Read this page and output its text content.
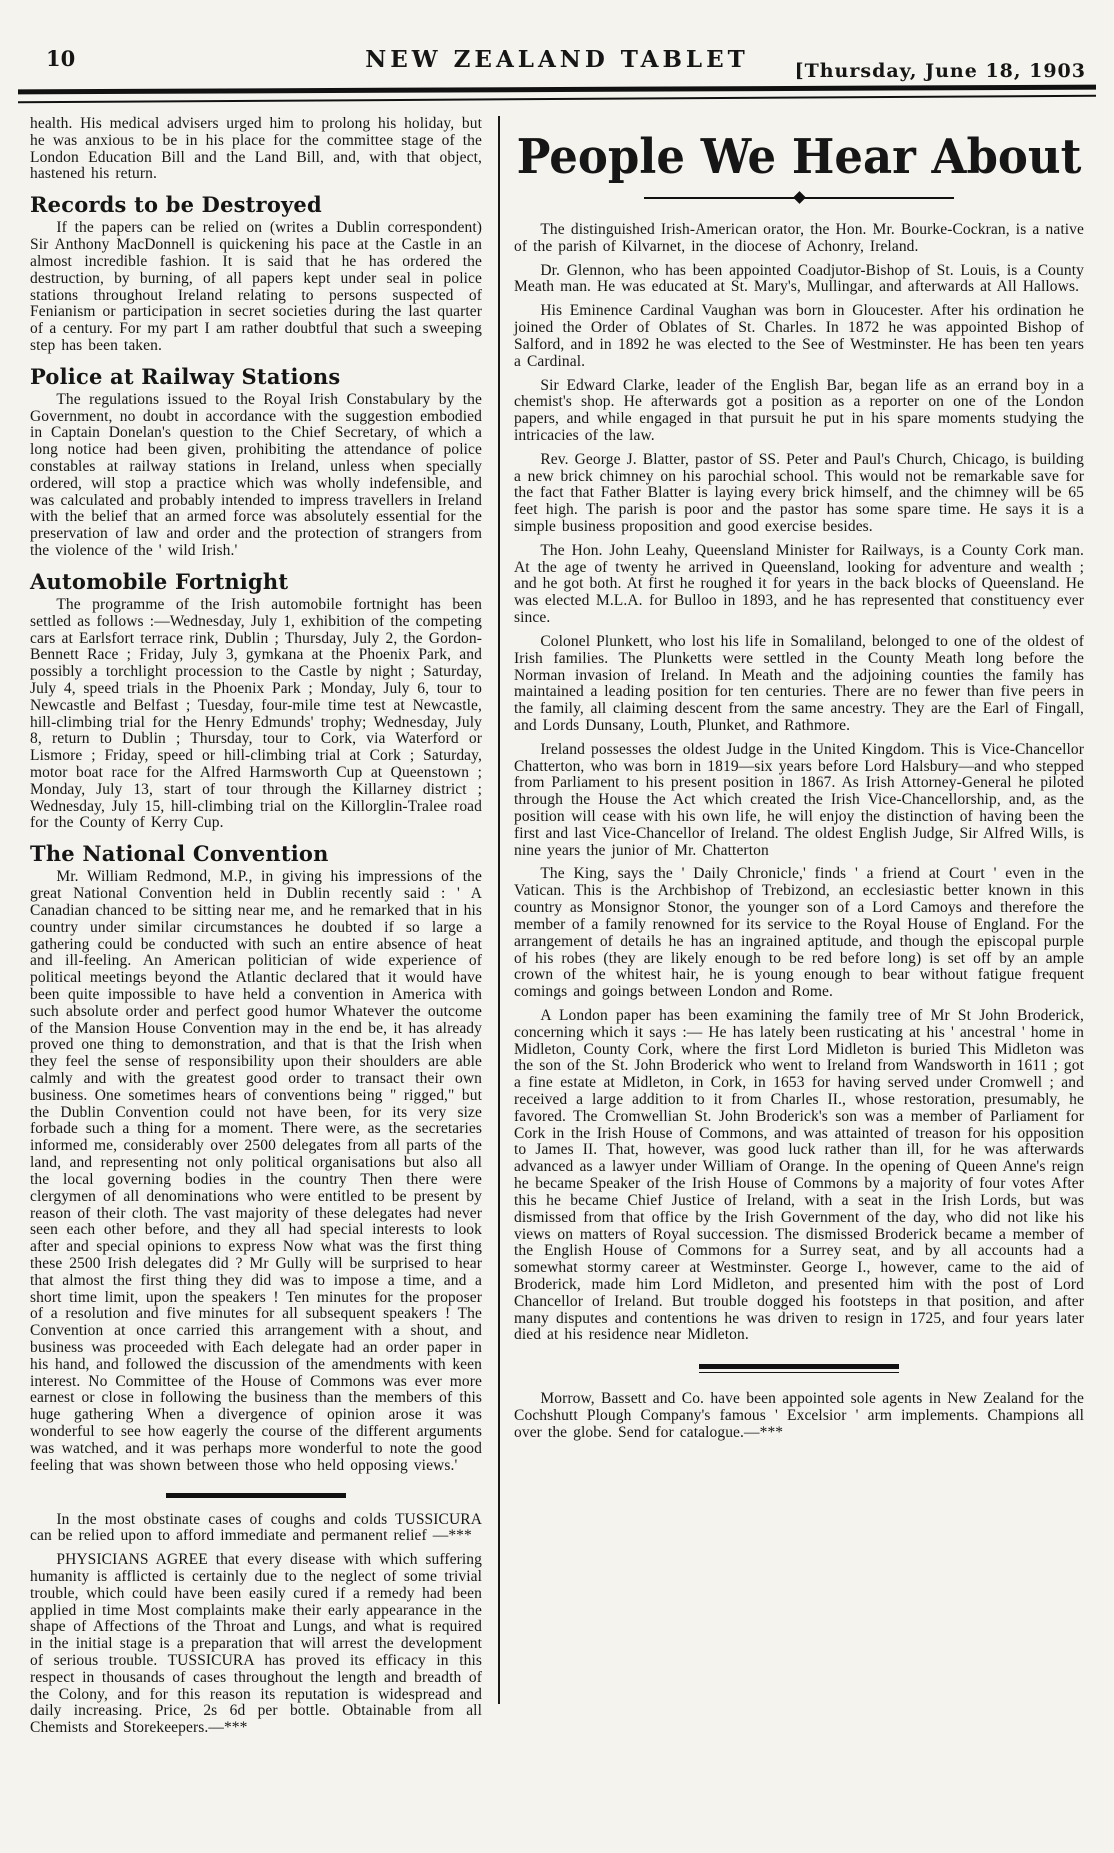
10	NEW ZEALAND TABLET	[Thursday, June 18, 1903

health. His medical advisers urged him to prolong his holiday, but he was anxious to be in his place for the committee stage of the London Education Bill and the Land Bill, and, with that object, hastened his return.

Records to be Destroyed

If the papers can be relied on (writes a Dublin correspondent) Sir Anthony MacDonnell is quickening his pace at the Castle in an almost incredible fashion. It is said that he has ordered the destruction, by burning, of all papers kept under seal in police stations throughout Ireland relating to persons suspected of Fenianism or participation in secret societies during the last quarter of a century. For my part I am rather doubtful that such a sweeping step has been taken.

Police at Railway Stations

The regulations issued to the Royal Irish Constabulary by the Government, no doubt in accordance with the suggestion embodied in Captain Donelan's question to the Chief Secretary, of which a long notice had been given, prohibiting the attendance of police constables at railway stations in Ireland, unless when specially ordered, will stop a practice which was wholly indefensible, and was calculated and probably intended to impress travellers in Ireland with the belief that an armed force was absolutely essential for the preservation of law and order and the protection of strangers from the violence of the ' wild Irish.'

Automobile Fortnight

The programme of the Irish automobile fortnight has been settled as follows :—Wednesday, July 1, exhibition of the competing cars at Earlsfort terrace rink, Dublin ; Thursday, July 2, the Gordon-Bennett Race ; Friday, July 3, gymkana at the Phoenix Park, and possibly a torchlight procession to the Castle by night ; Saturday, July 4, speed trials in the Phoenix Park ; Monday, July 6, tour to Newcastle and Belfast ; Tuesday, four-mile time test at Newcastle, hill-climbing trial for the Henry Edmunds' trophy; Wednesday, July 8, return to Dublin ; Thursday, tour to Cork, via Waterford or Lismore ; Friday, speed or hill-climbing trial at Cork ; Saturday, motor boat race for the Alfred Harmsworth Cup at Queenstown ; Monday, July 13, start of tour through the Killarney district ; Wednesday, July 15, hill-climbing trial on the Killorglin-Tralee road for the County of Kerry Cup.

The National Convention

Mr. William Redmond, M.P., in giving his impressions of the great National Convention held in Dublin recently said : ' A Canadian chanced to be sitting near me, and he remarked that in his country under similar circumstances he doubted if so large a gathering could be conducted with such an entire absence of heat and ill-feeling. An American politician of wide experience of political meetings beyond the Atlantic declared that it would have been quite impossible to have held a convention in America with such absolute order and perfect good humor Whatever the outcome of the Mansion House Convention may in the end be, it has already proved one thing to demonstration, and that is that the Irish when they feel the sense of responsibility upon their shoulders are able calmly and with the greatest good order to transact their own business. One sometimes hears of conventions being " rigged," but the Dublin Convention could not have been, for its very size forbade such a thing for a moment. There were, as the secretaries informed me, considerably over 2500 delegates from all parts of the land, and representing not only political organisations but also all the local governing bodies in the country Then there were clergymen of all denominations who were entitled to be present by reason of their cloth. The vast majority of these delegates had never seen each other before, and they all had special interests to look after and special opinions to express Now what was the first thing these 2500 Irish delegates did ? Mr Gully will be surprised to hear that almost the first thing they did was to impose a time, and a short time limit, upon the speakers ! Ten minutes for the proposer of a resolution and five minutes for all subsequent speakers ! The Convention at once carried this arrangement with a shout, and business was proceeded with Each delegate had an order paper in his hand, and followed the discussion of the amendments with keen interest. No Committee of the House of Commons was ever more earnest or close in following the business than the members of this huge gathering When a divergence of opinion arose it was wonderful to see how eagerly the course of the different arguments was watched, and it was perhaps more wonderful to note the good feeling that was shown between those who held opposing views.'

In the most obstinate cases of coughs and colds TUSSICURA can be relied upon to afford immediate and permanent relief —***

PHYSICIANS AGREE that every disease with which suffering humanity is afflicted is certainly due to the neglect of some trivial trouble, which could have been easily cured if a remedy had been applied in time Most complaints make their early appearance in the shape of Affections of the Throat and Lungs, and what is required in the initial stage is a preparation that will arrest the development of serious trouble. TUSSICURA has proved its efficacy in this respect in thousands of cases throughout the length and breadth of the Colony, and for this reason its reputation is widespread and daily increasing. Price, 2s 6d per bottle. Obtainable from all Chemists and Storekeepers.—***

People We Hear About

The distinguished Irish-American orator, the Hon. Mr. Bourke-Cockran, is a native of the parish of Kilvarnet, in the diocese of Achonry, Ireland.

Dr. Glennon, who has been appointed Coadjutor-Bishop of St. Louis, is a County Meath man. He was educated at St. Mary's, Mullingar, and afterwards at All Hallows.

His Eminence Cardinal Vaughan was born in Gloucester. After his ordination he joined the Order of Oblates of St. Charles. In 1872 he was appointed Bishop of Salford, and in 1892 he was elected to the See of Westminster. He has been ten years a Cardinal.

Sir Edward Clarke, leader of the English Bar, began life as an errand boy in a chemist's shop. He afterwards got a position as a reporter on one of the London papers, and while engaged in that pursuit he put in his spare moments studying the intricacies of the law.

Rev. George J. Blatter, pastor of SS. Peter and Paul's Church, Chicago, is building a new brick chimney on his parochial school. This would not be remarkable save for the fact that Father Blatter is laying every brick himself, and the chimney will be 65 feet high. The parish is poor and the pastor has some spare time. He says it is a simple business proposition and good exercise besides.

The Hon. John Leahy, Queensland Minister for Railways, is a County Cork man. At the age of twenty he arrived in Queensland, looking for adventure and wealth ; and he got both. At first he roughed it for years in the back blocks of Queensland. He was elected M.L.A. for Bulloo in 1893, and he has represented that constituency ever since.

Colonel Plunkett, who lost his life in Somaliland, belonged to one of the oldest of Irish families. The Plunketts were settled in the County Meath long before the Norman invasion of Ireland. In Meath and the adjoining counties the family has maintained a leading position for ten centuries. There are no fewer than five peers in the family, all claiming descent from the same ancestry. They are the Earl of Fingall, and Lords Dunsany, Louth, Plunket, and Rathmore.

Ireland possesses the oldest Judge in the United Kingdom. This is Vice-Chancellor Chatterton, who was born in 1819—six years before Lord Halsbury—and who stepped from Parliament to his present position in 1867. As Irish Attorney-General he piloted through the House the Act which created the Irish Vice-Chancellorship, and, as the position will cease with his own life, he will enjoy the distinction of having been the first and last Vice-Chancellor of Ireland. The oldest English Judge, Sir Alfred Wills, is nine years the junior of Mr. Chatterton

The King, says the ' Daily Chronicle,' finds ' a friend at Court ' even in the Vatican. This is the Archbishop of Trebizond, an ecclesiastic better known in this country as Monsignor Stonor, the younger son of a Lord Camoys and therefore the member of a family renowned for its service to the Royal House of England. For the arrangement of details he has an ingrained aptitude, and though the episcopal purple of his robes (they are likely enough to be red before long) is set off by an ample crown of the whitest hair, he is young enough to bear without fatigue frequent comings and goings between London and Rome.

A London paper has been examining the family tree of Mr St John Broderick, concerning which it says :— He has lately been rusticating at his ' ancestral ' home in Midleton, County Cork, where the first Lord Midleton is buried This Midleton was the son of the St. John Broderick who went to Ireland from Wandsworth in 1611 ; got a fine estate at Midleton, in Cork, in 1653 for having served under Cromwell ; and received a large addition to it from Charles II., whose restoration, presumably, he favored. The Cromwellian St. John Broderick's son was a member of Parliament for Cork in the Irish House of Commons, and was attainted of treason for his opposition to James II. That, however, was good luck rather than ill, for he was afterwards advanced as a lawyer under William of Orange. In the opening of Queen Anne's reign he became Speaker of the Irish House of Commons by a majority of four votes After this he became Chief Justice of Ireland, with a seat in the Irish Lords, but was dismissed from that office by the Irish Government of the day, who did not like his views on matters of Royal succession. The dismissed Broderick became a member of the English House of Commons for a Surrey seat, and by all accounts had a somewhat stormy career at Westminster. George I., however, came to the aid of Broderick, made him Lord Midleton, and presented him with the post of Lord Chancellor of Ireland. But trouble dogged his footsteps in that position, and after many disputes and contentions he was driven to resign in 1725, and four years later died at his residence near Midleton.

Morrow, Bassett and Co. have been appointed sole agents in New Zealand for the Cochshutt Plough Company's famous ' Excelsior ' arm implements. Champions all over the globe. Send for catalogue.—***
